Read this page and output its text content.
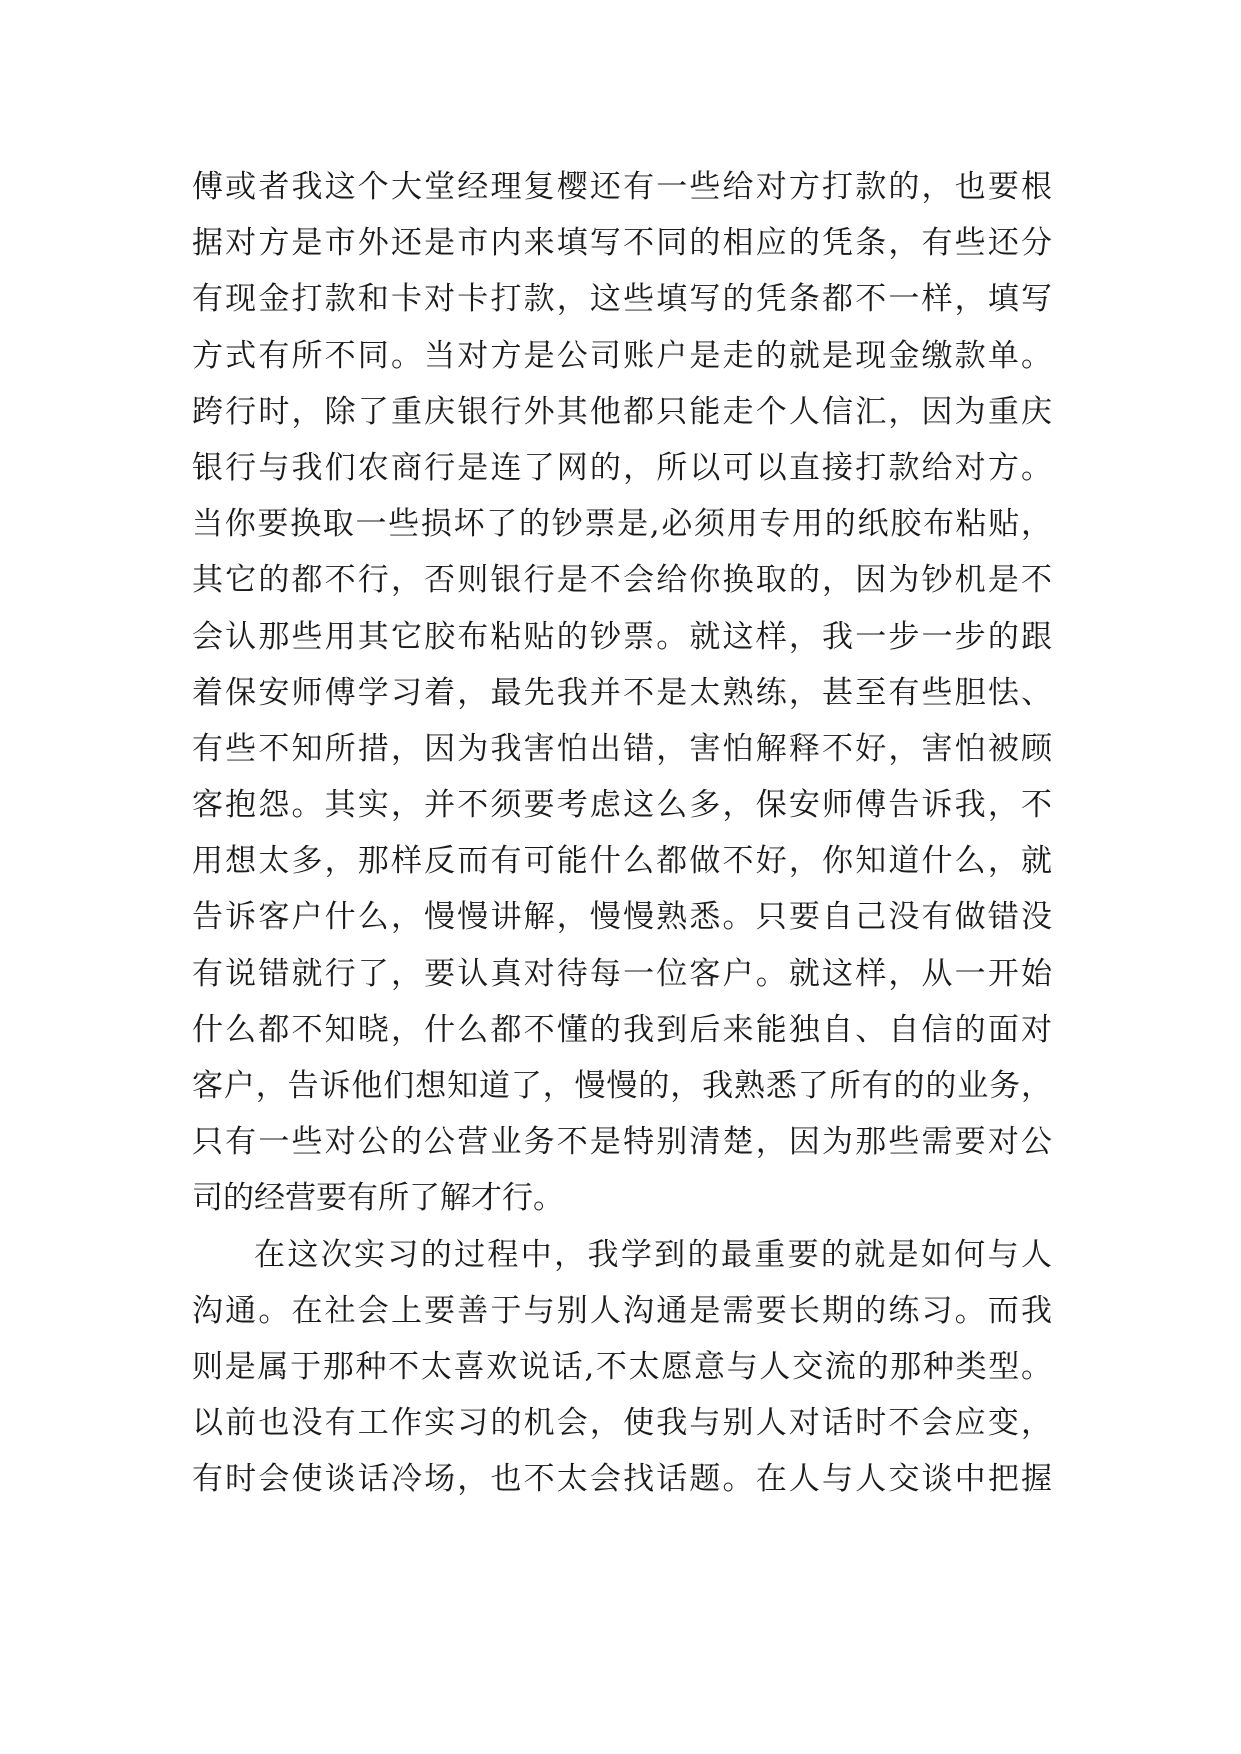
傅或者我这个大堂经理复樱还有一些给对方打款的，也要根
据对方是市外还是市内来填写不同的相应的凭条，有些还分
有现金打款和卡对卡打款，这些填写的凭条都不一样，填写
方式有所不同。当对方是公司账户是走的就是现金缴款单。
跨行时，除了重庆银行外其他都只能走个人信汇，因为重庆
银行与我们农商行是连了网的，所以可以直接打款给对方。
当你要换取一些损坏了的钞票是,必须用专用的纸胶布粘贴，
其它的都不行，否则银行是不会给你换取的，因为钞机是不
会认那些用其它胶布粘贴的钞票。就这样，我一步一步的跟
着保安师傅学习着，最先我并不是太熟练，甚至有些胆怯、
有些不知所措，因为我害怕出错，害怕解释不好，害怕被顾
客抱怨。其实，并不须要考虑这么多，保安师傅告诉我，不
用想太多，那样反而有可能什么都做不好，你知道什么，就
告诉客户什么，慢慢讲解，慢慢熟悉。只要自己没有做错没
有说错就行了，要认真对待每一位客户。就这样，从一开始
什么都不知晓，什么都不懂的我到后来能独自、自信的面对
客户，告诉他们想知道了，慢慢的，我熟悉了所有的的业务，
只有一些对公的公营业务不是特别清楚，因为那些需要对公
司的经营要有所了解才行。
在这次实习的过程中，我学到的最重要的就是如何与人
沟通。在社会上要善于与别人沟通是需要长期的练习。而我
则是属于那种不太喜欢说话,不太愿意与人交流的那种类型。
以前也没有工作实习的机会，使我与别人对话时不会应变，
有时会使谈话冷场，也不太会找话题。在人与人交谈中把握
